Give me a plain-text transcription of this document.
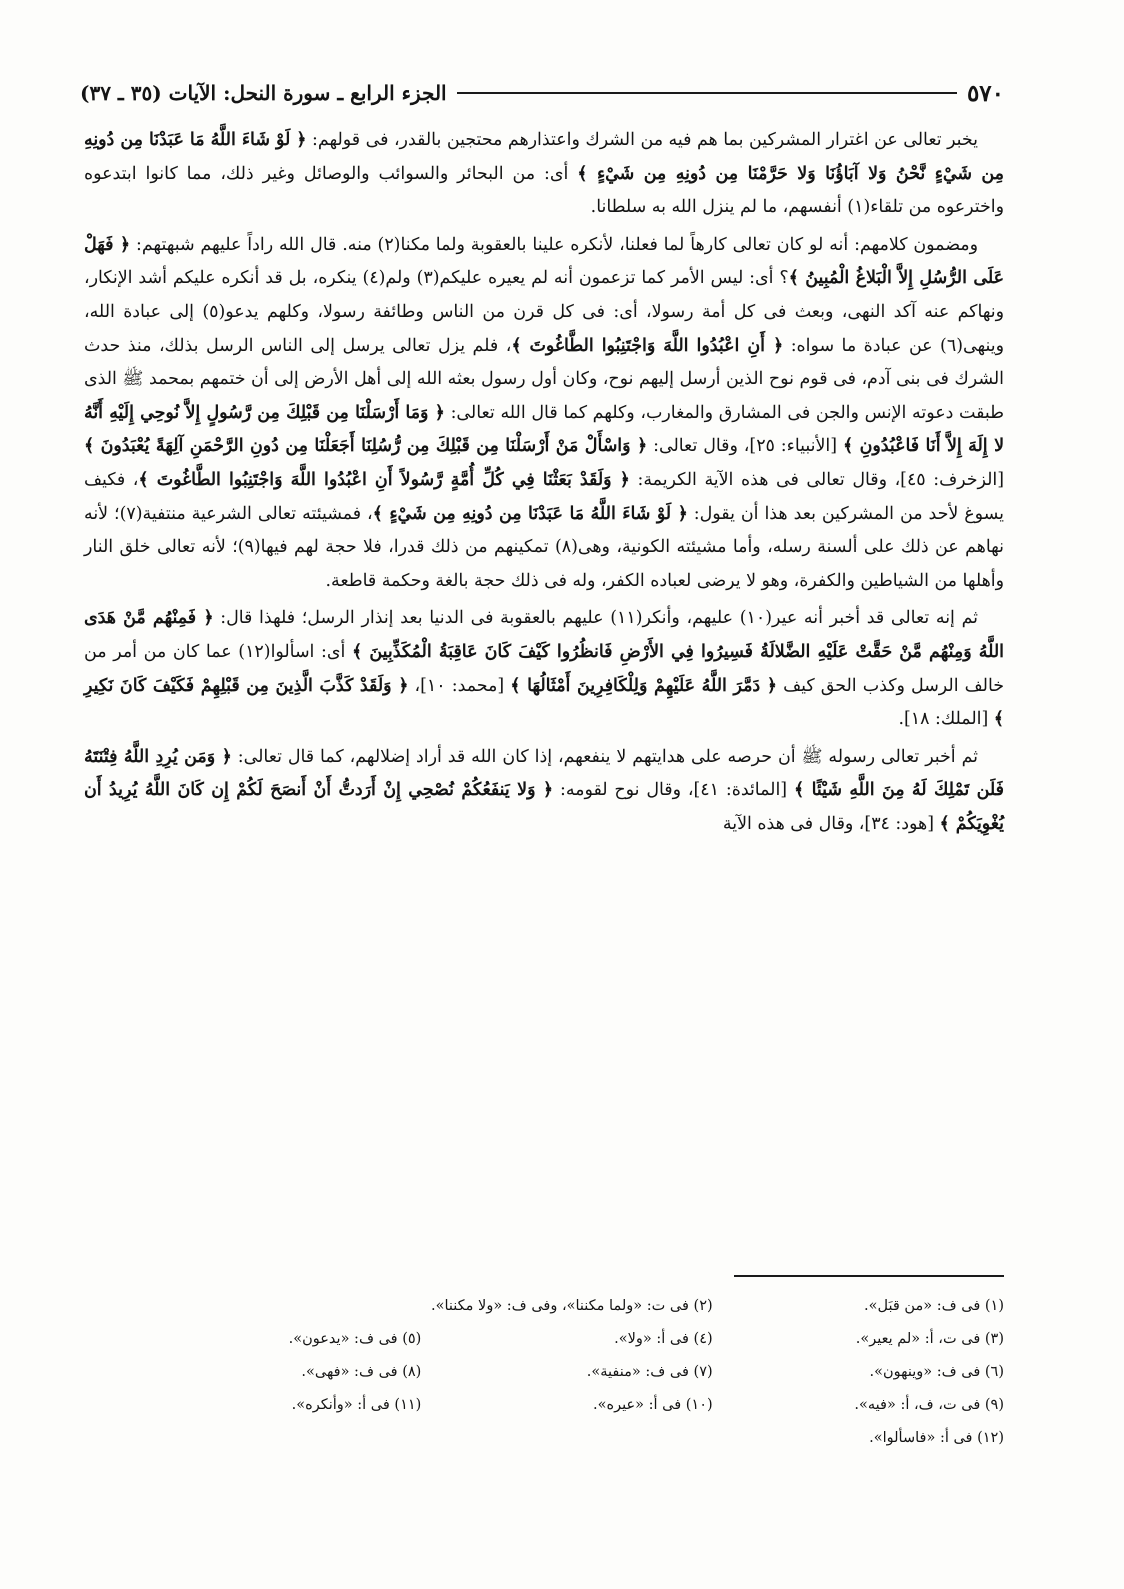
٥٧٠
الجزء الرابع ـ سورة النحل: الآيات (٣٥ ـ ٣٧)

يخبر تعالى عن اغترار المشركين بما هم فيه من الشرك واعتذارهم محتجين بالقدر، فى قولهم: ﴿ لَوْ شَاءَ اللَّهُ مَا عَبَدْنَا مِن دُونِهِ مِن شَيْءٍ نَّحْنُ وَلا آبَاؤُنَا وَلا حَرَّمْنَا مِن دُونِهِ مِن شَيْءٍ ﴾ أى: من البحائر والسوائب والوصائل وغير ذلك، مما كانوا ابتدعوه واخترعوه من تلقاء(١) أنفسهم، ما لم ينزل الله به سلطانا.

ومضمون كلامهم: أنه لو كان تعالى كارهاً لما فعلنا، لأنكره علينا بالعقوبة ولما مكنا(٢) منه. قال الله راداً عليهم شبهتهم: ﴿ فَهَلْ عَلَى الرُّسُلِ إِلاَّ الْبَلاغُ الْمُبِينُ ﴾؟ أى: ليس الأمر كما تزعمون أنه لم يعيره عليكم(٣) ولم(٤) ينكره، بل قد أنكره عليكم أشد الإنكار، ونهاكم عنه آكد النهى، وبعث فى كل أمة رسولا، أى: فى كل قرن من الناس وطائفة رسولا، وكلهم يدعو(٥) إلى عبادة الله، وينهى(٦) عن عبادة ما سواه: ﴿ أَنِ اعْبُدُوا اللَّهَ وَاجْتَنِبُوا الطَّاغُوتَ ﴾، فلم يزل تعالى يرسل إلى الناس الرسل بذلك، منذ حدث الشرك فى بنى آدم، فى قوم نوح الذين أرسل إليهم نوح، وكان أول رسول بعثه الله إلى أهل الأرض إلى أن ختمهم بمحمد ﷺ الذى طبقت دعوته الإنس والجن فى المشارق والمغارب، وكلهم كما قال الله تعالى: ﴿ وَمَا أَرْسَلْنَا مِن قَبْلِكَ مِن رَّسُولٍ إِلاَّ نُوحِي إِلَيْهِ أَنَّهُ لا إِلَهَ إِلاَّ أَنَا فَاعْبُدُونِ ﴾ [الأنبياء: ٢٥]، وقال تعالى: ﴿ وَاسْأَلْ مَنْ أَرْسَلْنَا مِن قَبْلِكَ مِن رُّسُلِنَا أَجَعَلْنَا مِن دُونِ الرَّحْمَنِ آلِهَةً يُعْبَدُونَ ﴾ [الزخرف: ٤٥]، وقال تعالى فى هذه الآية الكريمة: ﴿ وَلَقَدْ بَعَثْنَا فِي كُلِّ أُمَّةٍ رَّسُولاً أَنِ اعْبُدُوا اللَّهَ وَاجْتَنِبُوا الطَّاغُوتَ ﴾، فكيف يسوغ لأحد من المشركين بعد هذا أن يقول: ﴿ لَوْ شَاءَ اللَّهُ مَا عَبَدْنَا مِن دُونِهِ مِن شَيْءٍ ﴾، فمشيئته تعالى الشرعية منتفية(٧)؛ لأنه نهاهم عن ذلك على ألسنة رسله، وأما مشيئته الكونية، وهى(٨) تمكينهم من ذلك قدرا، فلا حجة لهم فيها(٩)؛ لأنه تعالى خلق النار وأهلها من الشياطين والكفرة، وهو لا يرضى لعباده الكفر، وله فى ذلك حجة بالغة وحكمة قاطعة.

ثم إنه تعالى قد أخبر أنه عير(١٠) عليهم، وأنكر(١١) عليهم بالعقوبة فى الدنيا بعد إنذار الرسل؛ فلهذا قال: ﴿ فَمِنْهُم مَّنْ هَدَى اللَّهُ وَمِنْهُم مَّنْ حَقَّتْ عَلَيْهِ الضَّلالَةُ فَسِيرُوا فِي الأَرْضِ فَانظُرُوا كَيْفَ كَانَ عَاقِبَةُ الْمُكَذِّبِينَ ﴾ أى: اسألوا(١٢) عما كان من أمر من خالف الرسل وكذب الحق كيف ﴿ دَمَّرَ اللَّهُ عَلَيْهِمْ وَلِلْكَافِرِينَ أَمْثَالُهَا ﴾ [محمد: ١٠]، ﴿ وَلَقَدْ كَذَّبَ الَّذِينَ مِن قَبْلِهِمْ فَكَيْفَ كَانَ نَكِيرِ ﴾ [الملك: ١٨].

ثم أخبر تعالى رسوله ﷺ أن حرصه على هدايتهم لا ينفعهم، إذا كان الله قد أراد إضلالهم، كما قال تعالى: ﴿ وَمَن يُرِدِ اللَّهُ فِتْنَتَهُ فَلَن تَمْلِكَ لَهُ مِنَ اللَّهِ شَيْئًا ﴾ [المائدة: ٤١]، وقال نوح لقومه: ﴿ وَلا يَنفَعُكُمْ نُصْحِي إِنْ أَرَدتُّ أَنْ أَنصَحَ لَكُمْ إِن كَانَ اللَّهُ يُرِيدُ أَن يُغْوِيَكُمْ ﴾ [هود: ٣٤]، وقال فى هذه الآية

(١) فى ف: «من قبَل».
(٢) فى ت: «ولما مكننا»، وفى ف: «ولا مكننا».
(٣) فى ت، أ: «لم يعير».
(٤) فى أ: «ولا».
(٥) فى ف: «يدعون».
(٦) فى ف: «وينهون».
(٧) فى ف: «منفية».
(٨) فى ف: «فهى».
(٩) فى ت، ف، أ: «فيه».
(١٠) فى أ: «عيره».
(١١) فى أ: «وأنكره».
(١٢) فى أ: «فاسألوا».
